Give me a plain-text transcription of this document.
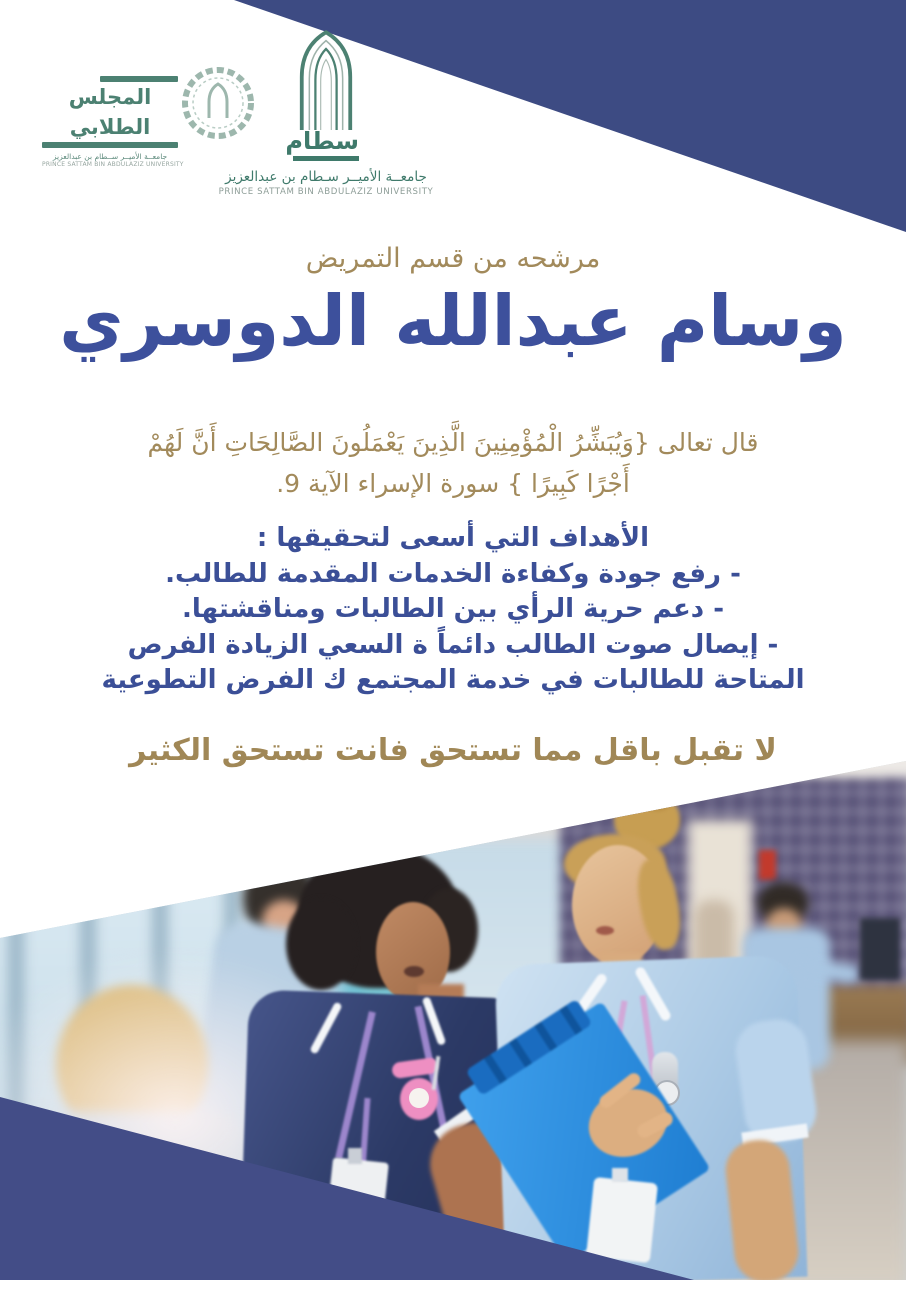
المجلس الطلابي
جامعــة الأميــر ســطام بن عبدالعزيز
PRINCE SATTAM BIN ABDULAZIZ UNIVERSITY
سطام
جامعــة الأميــر سـطام بن عبدالعزيز
PRINCE SATTAM BIN ABDULAZIZ UNIVERSITY
مرشحه من قسم التمريض
وسام عبدالله الدوسري
قال تعالى {وَيُبَشِّرُ الْمُؤْمِنِينَ الَّذِينَ يَعْمَلُونَ الصَّالِحَاتِ أَنَّ لَهُمْ
أَجْرًا كَبِيرًا } سورة الإسراء الآية 9.
الأهداف التي أسعى لتحقيقها :
- رفع جودة وكفاءة الخدمات المقدمة للطالب.
- دعم حرية الرأي بين الطالبات ومناقشتها.
- إيصال صوت الطالب دائماً ة السعي الزيادة الفرص
المتاحة للطالبات في خدمة المجتمع ك الفرض التطوعية
لا تقبل باقل مما تستحق فانت تستحق الكثير
